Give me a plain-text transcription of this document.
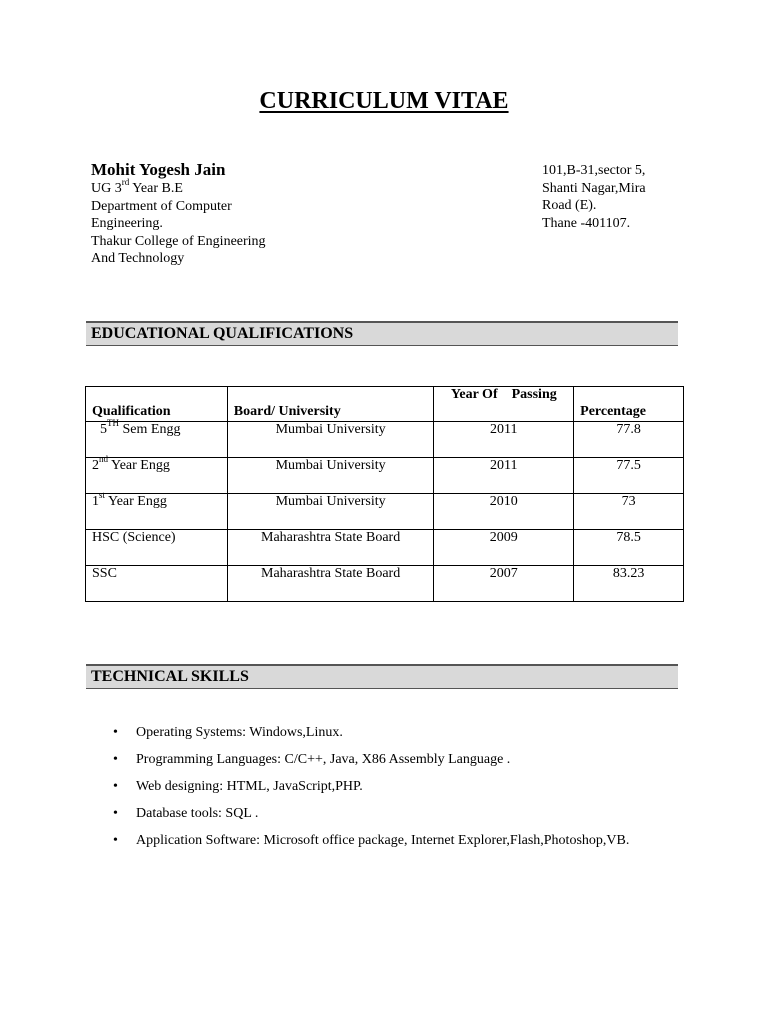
CURRICULUM VITAE
Mohit Yogesh Jain
UG 3rd Year B.E
Department of Computer
Engineering.
Thakur College of Engineering
And Technology
101,B-31,sector 5,
Shanti Nagar,Mira
Road (E).
Thane -401107.
EDUCATIONAL QUALIFICATIONS
Qualification	Board/ University	Year Of    Passing	Percentage

5TH Sem Engg	Mumbai University	2011	77.8
2nd Year Engg	Mumbai University	2011	77.5
1st Year Engg	Mumbai University	2010	73
HSC (Science)	Maharashtra State Board	2009	78.5
SSC	Maharashtra State Board	2007	83.23
TECHNICAL SKILLS
• Operating Systems: Windows,Linux.
• Programming Languages: C/C++, Java, X86 Assembly Language .
• Web designing: HTML, JavaScript,PHP.
• Database tools: SQL .
• Application Software: Microsoft office package, Internet Explorer,Flash,Photoshop,VB.
